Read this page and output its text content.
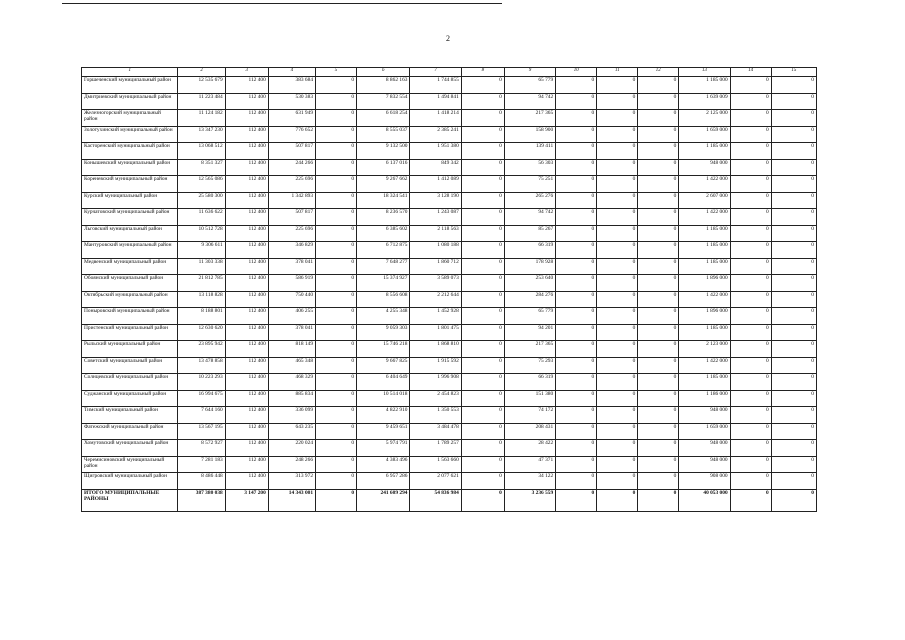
2
1	2	3	4	5	6	7	8	9	10	11	12	13	14	15
Горшеченский муниципальный район	12 535 679	112 400	383 684	0	8 862 163	1 744 855	0	65 779	0	0	0	1 185 000	0	0
Дмитриевский муниципальный район	11 223 484	112 400	530 383	0	7 832 554	1 494 841	0	94 742	0	0	0	1 639 009	0	0
Железногорский муниципальный район	11 124 182	112 400	631 949	0	6 618 254	1 418 214	0	217 365	0	0	0	2 125 000	0	0
Золотухинский муниципальный район	13 347 230	112 400	776 652	0	8 555 037	2 385 241	0	158 900	0	0	0	1 659 000	0	0
Касторенский муниципальный район	13 068 512	112 400	507 817	0	9 132 500	1 951 380	0	139 411	0	0	0	1 185 000	0	0
Конышевский муниципальный район	8 351 327	112 400	244 266	0	6 137 016	849 342	0	56 303	0	0	0	948 000	0	0
Кореневский муниципальный район	12 565 086	112 400	225 696	0	9 267 662	1 412 089	0	75 251	0	0	0	1 422 000	0	0
Курский муниципальный район	25 580 300	112 400	1 342 893	0	18 324 541	3 128 190	0	265 276	0	0	0	2 607 000	0	0
Курчатовский муниципальный район	11 636 622	112 400	507 817	0	8 236 570	1 243 087	0	94 742	0	0	0	1 422 000	0	0
Льговский муниципальный район	10 512 728	112 400	225 696	0	6 385 602	2 118 563	0	85 267	0	0	0	1 185 000	0	0
Мантуровский муниципальный район	9 306 611	112 400	346 829	0	6 712 875	1 080 188	0	66 319	0	0	0	1 185 000	0	0
Медвенский муниципальный район	11 303 338	112 400	378 041	0	7 648 277	1 860 712	0	178 928	0	0	0	1 185 000	0	0
Обоянский муниципальный район	21 812 785	112 400	586 919	0	15 374 927	3 589 073	0	253 640	0	0	0	1 896 000	0	0
Октябрьский муниципальный район	13 118 828	112 400	750 440	0	8 556 608	2 212 644	0	284 276	0	0	0	1 422 000	0	0
Поныровский муниципальный район	8 188 801	112 400	406 255	0	4 255 348	1 452 928	0	65 779	0	0	0	1 896 000	0	0
Пристенский муниципальный район	12 630 620	112 400	378 041	0	9 059 303	1 801 475	0	94 201	0	0	0	1 185 000	0	0
Рыльский муниципальный район	23 895 942	112 400	818 149	0	15 746 218	1 868 810	0	217 365	0	0	0	2 123 000	0	0
Советский муниципальный район	13 478 858	112 400	465 348	0	9 667 825	1 915 592	0	75 293	0	0	0	1 422 000	0	0
Солнцевский муниципальный район	10 223 293	112 400	468 329	0	6 404 649	1 996 908	0	66 319	0	0	0	1 185 000	0	0
Суджанский муниципальный район	16 994 675	112 400	885 834	0	10 514 018	2 454 823	0	151 380	0	0	0	1 186 000	0	0
Тимский муниципальный район	7 644 160	112 400	336 099	0	4 822 910	1 350 553	0	74 172	0	0	0	948 000	0	0
Фатежский муниципальный район	13 567 195	112 400	643 235	0	9 459 651	3 484 478	0	208 431	0	0	0	1 659 000	0	0
Хомутовский муниципальный район	8 572 927	112 400	220 024	0	5 974 791	1 789 257	0	28 422	0	0	0	948 000	0	0
Черемисиновский муниципальный район	7 281 183	112 400	248 266	0	4 383 496	1 563 660	0	47 371	0	0	0	948 000	0	0
Щигровский муниципальный район	8 486 448	112 400	313 972	0	6 957 286	2 077 621	0	34 122	0	0	0	908 000	0	0
ИТОГО МУНИЦИПАЛЬНЫЕ РАЙОНЫ	387 380 038	3 147 200	14 343 001	0	241 609 294	54 836 984	0	3 236 559	0	0	0	40 053 000	0	0
